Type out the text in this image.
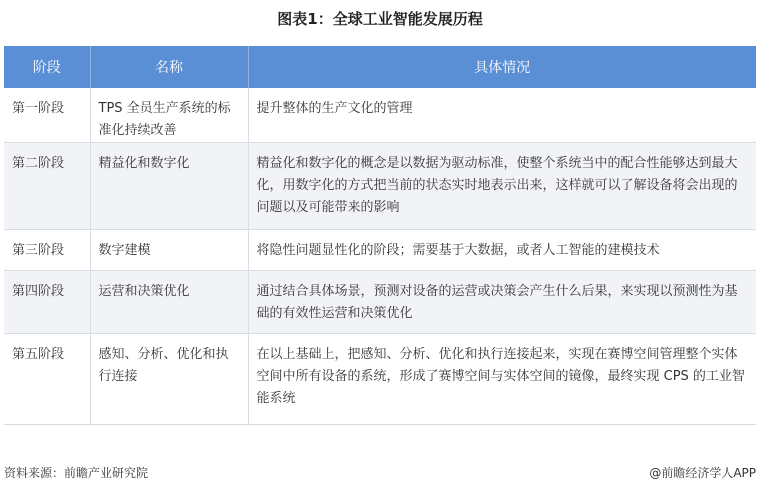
图表1：全球工业智能发展历程
阶段	名称	具体情况
第一阶段	TPS 全员生产系统的标准化持续改善	提升整体的生产文化的管理
第二阶段	精益化和数字化	精益化和数字化的概念是以数据为驱动标准，使整个系统当中的配合性能够达到最大化，用数字化的方式把当前的状态实时地表示出来，这样就可以了解设备将会出现的问题以及可能带来的影响
第三阶段	数字建模	将隐性问题显性化的阶段；需要基于大数据，或者人工智能的建模技术
第四阶段	运营和决策优化	通过结合具体场景，预测对设备的运营或决策会产生什么后果，来实现以预测性为基础的有效性运营和决策优化
第五阶段	感知、分析、优化和执行连接	在以上基础上，把感知、分析、优化和执行连接起来，实现在赛博空间管理整个实体空间中所有设备的系统，形成了赛博空间与实体空间的镜像，最终实现 CPS 的工业智能系统
资料来源：前瞻产业研究院	@前瞻经济学人APP
